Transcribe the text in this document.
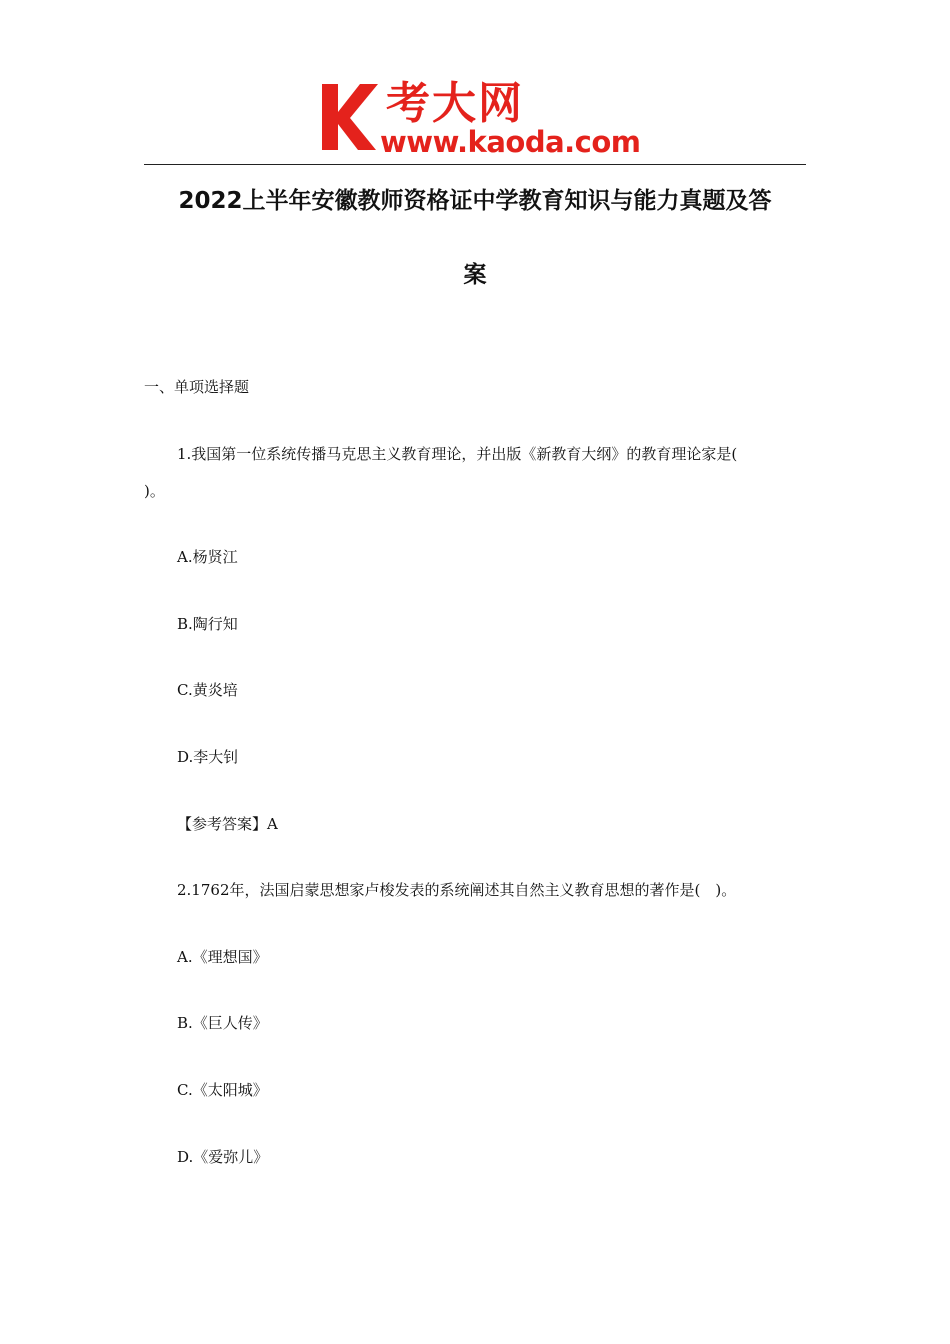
考大网
www.kaoda.com
2022上半年安徽教师资格证中学教育知识与能力真题及答
案
一、单项选择题
1.我国第一位系统传播马克思主义教育理论，并出版《新教育大纲》的教育理论家是(
)。
A.杨贤江
B.陶行知
C.黄炎培
D.李大钊
【参考答案】A
2.1762年，法国启蒙思想家卢梭发表的系统阐述其自然主义教育思想的著作是(　)。
A.《理想国》
B.《巨人传》
C.《太阳城》
D.《爱弥儿》
